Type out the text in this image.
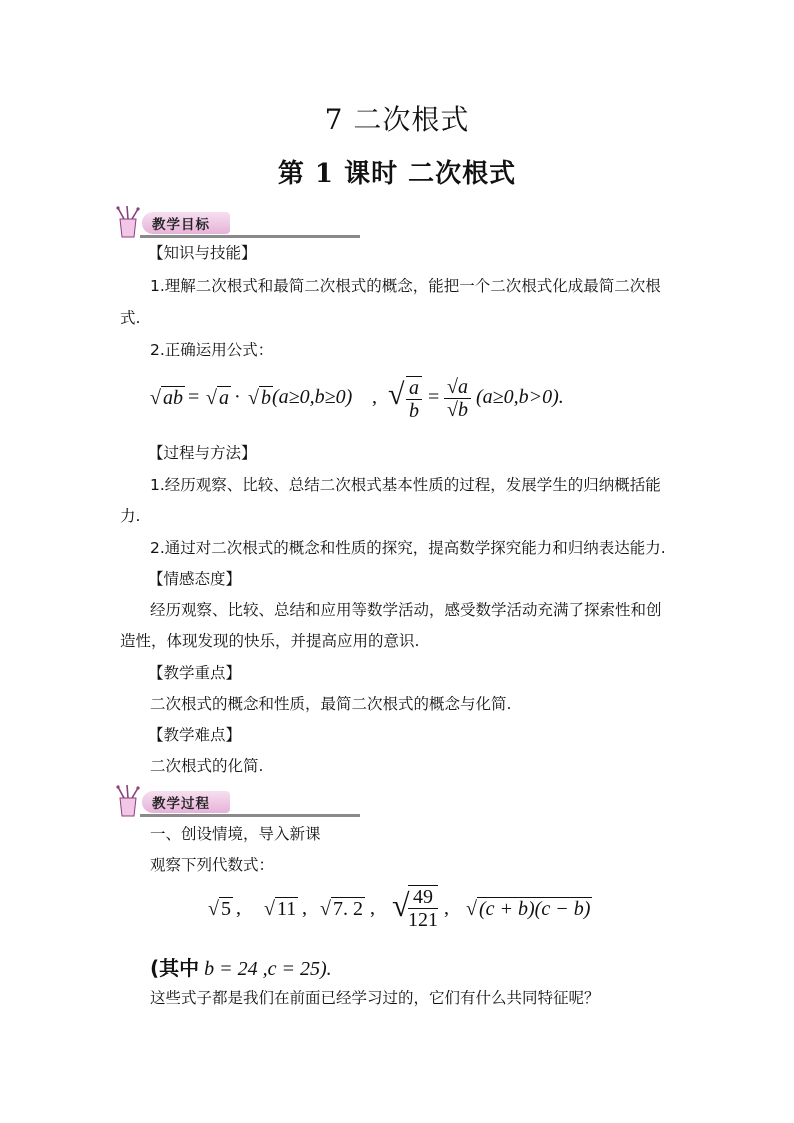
7 二次根式
第 1 课时 二次根式
教学目标
【知识与技能】
1.理解二次根式和最简二次根式的概念，能把一个二次根式化成最简二次根
式.
2.正确运用公式：
√ ab = √ a · √ b (a≥0,b≥0) , √ $\frac{a}{b} = \frac{√a}{√b} (a\ge 0,b>0)$.
【过程与方法】
1.经历观察、比较、总结二次根式基本性质的过程，发展学生的归纳概括能
力.
2.通过对二次根式的概念和性质的探究，提高数学探究能力和归纳表达能力.
【情感态度】
经历观察、比较、总结和应用等数学活动，感受数学活动充满了探索性和创
造性，体现发现的快乐，并提高应用的意识.
【教学重点】
二次根式的概念和性质，最简二次根式的概念与化简.
【教学难点】
二次根式的化简.
教学过程
一、创设情境，导入新课
观察下列代数式：
√ 5 , √ 11 , √ 7. 2 , √
$\frac{49}{121}$ , √ (c + b)(c − b)
(其中 b = 24 ,c = 25).
这些式子都是我们在前面已经学习过的，它们有什么共同特征呢？
